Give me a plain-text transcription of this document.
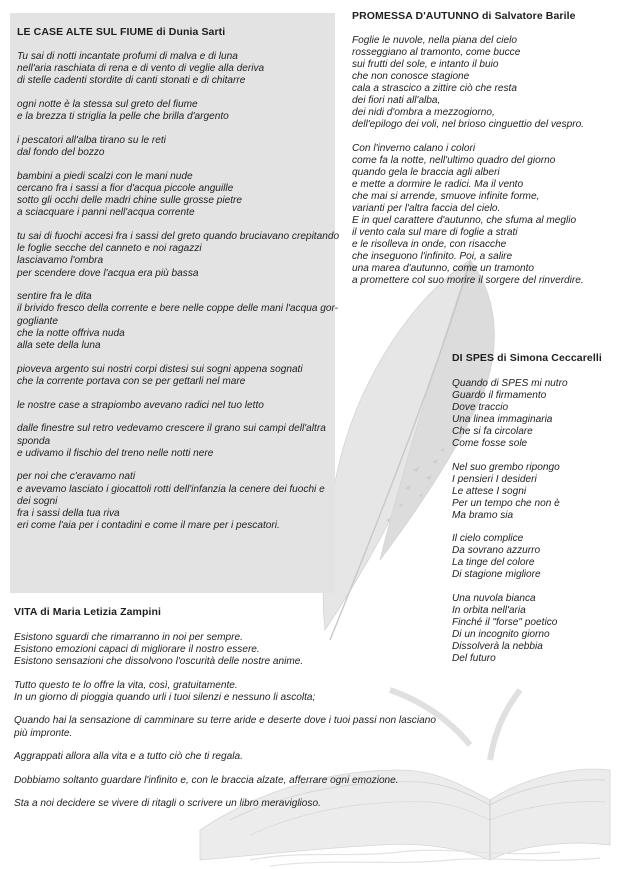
LE CASE ALTE SUL FIUME di Dunia Sarti
Tu sai di notti incantate profumi di malva e di luna
nell'aria raschiata di rena e di vento di veglie alla deriva
di stelle cadenti stordite di canti stonati e di chitarre
ogni notte è la stessa sul greto del fiume
e la brezza ti striglia la pelle che brilla d'argento
i pescatori all'alba tirano su le reti
dal fondo del bozzo
bambini a piedi scalzi con le mani nude
cercano fra i sassi a fior d'acqua piccole anguille
sotto gli occhi delle madri chine sulle grosse pietre
a sciacquare i panni nell'acqua corrente
tu sai di fuochi accesi fra i sassi del greto quando bruciavano crepitando
le foglie secche del canneto e noi ragazzi
lasciavamo l'ombra
per scendere dove l'acqua era più bassa
sentire fra le dita
il brivido fresco della corrente e bere nelle coppe delle mani l'acqua gor-
gogliante
che la notte offriva nuda
alla sete della luna
pioveva argento sui nostri corpi distesi sui sogni appena sognati
che la corrente portava con se per gettarli nel mare
le nostre case a strapiombo avevano radici nel tuo letto
dalle finestre sul retro vedevamo crescere il grano sui campi dell'altra
sponda
e udivamo il fischio del treno nelle notti nere
per noi che c'eravamo nati
e avevamo lasciato i giocattoli rotti dell'infanzia la cenere dei fuochi e
dei sogni
fra i sassi della tua riva
eri come l'aia per i contadini e come il mare per i pescatori.
PROMESSA D'AUTUNNO di Salvatore Barile
Foglie le nuvole, nella piana del cielo
rosseggiano al tramonto, come bucce
sui frutti del sole, e intanto il buio
che non conosce stagione
cala a strascico a zittire ciò che resta
dei fiori nati all'alba,
dei nidi d'ombra a mezzogiorno,
dell'epilogo dei voli, nel brioso cinguettio del vespro.
Con l'inverno calano i colori
come fa la notte, nell'ultimo quadro del giorno
quando gela le braccia agli alberi
e mette a dormire le radici. Ma il vento
che mai si arrende, smuove infinite forme,
varianti per l'altra faccia del cielo.
E in quel carattere d'autunno, che sfuma al meglio
il vento cala sul mare di foglie a strati
e le risolleva in onde, con risacche
che inseguono l'infinito. Poi, a salire
una marea d'autunno, come un tramonto
a promettere col suo morire il sorgere del rinverdire.
DI SPES di Simona Ceccarelli
Quando di SPES mi nutro
Guardo il firmamento
Dove traccio
Una linea immaginaria
Che si fa circolare
Come fosse sole
Nel suo grembo ripongo
I pensieri I desideri
Le attese I sogni
Per un tempo che non è
Ma bramo sia
Il cielo complice
Da sovrano azzurro
La tinge del colore
Di stagione migliore
Una nuvola bianca
In orbita nell'aria
Finché il "forse" poetico
Di un incognito giorno
Dissolverà la nebbia
Del futuro
VITA di Maria Letizia Zampini
Esistono sguardi che rimarranno in noi per sempre.
Esistono emozioni capaci di migliorare il nostro essere.
Esistono sensazioni che dissolvono l'oscurità delle nostre anime.
Tutto questo te lo offre la vita, così, gratuitamente.
In un giorno di pioggia quando urli i tuoi silenzi e nessuno li ascolta;
Quando hai la sensazione di camminare su terre aride e deserte dove i tuoi passi non lasciano
più impronte.
Aggrappati allora alla vita e a tutto ciò che ti regala.
Dobbiamo soltanto guardare l'infinito e, con le braccia alzate, afferrare ogni emozione.
Sta a noi decidere se vivere di ritagli o scrivere un libro meraviglioso.
